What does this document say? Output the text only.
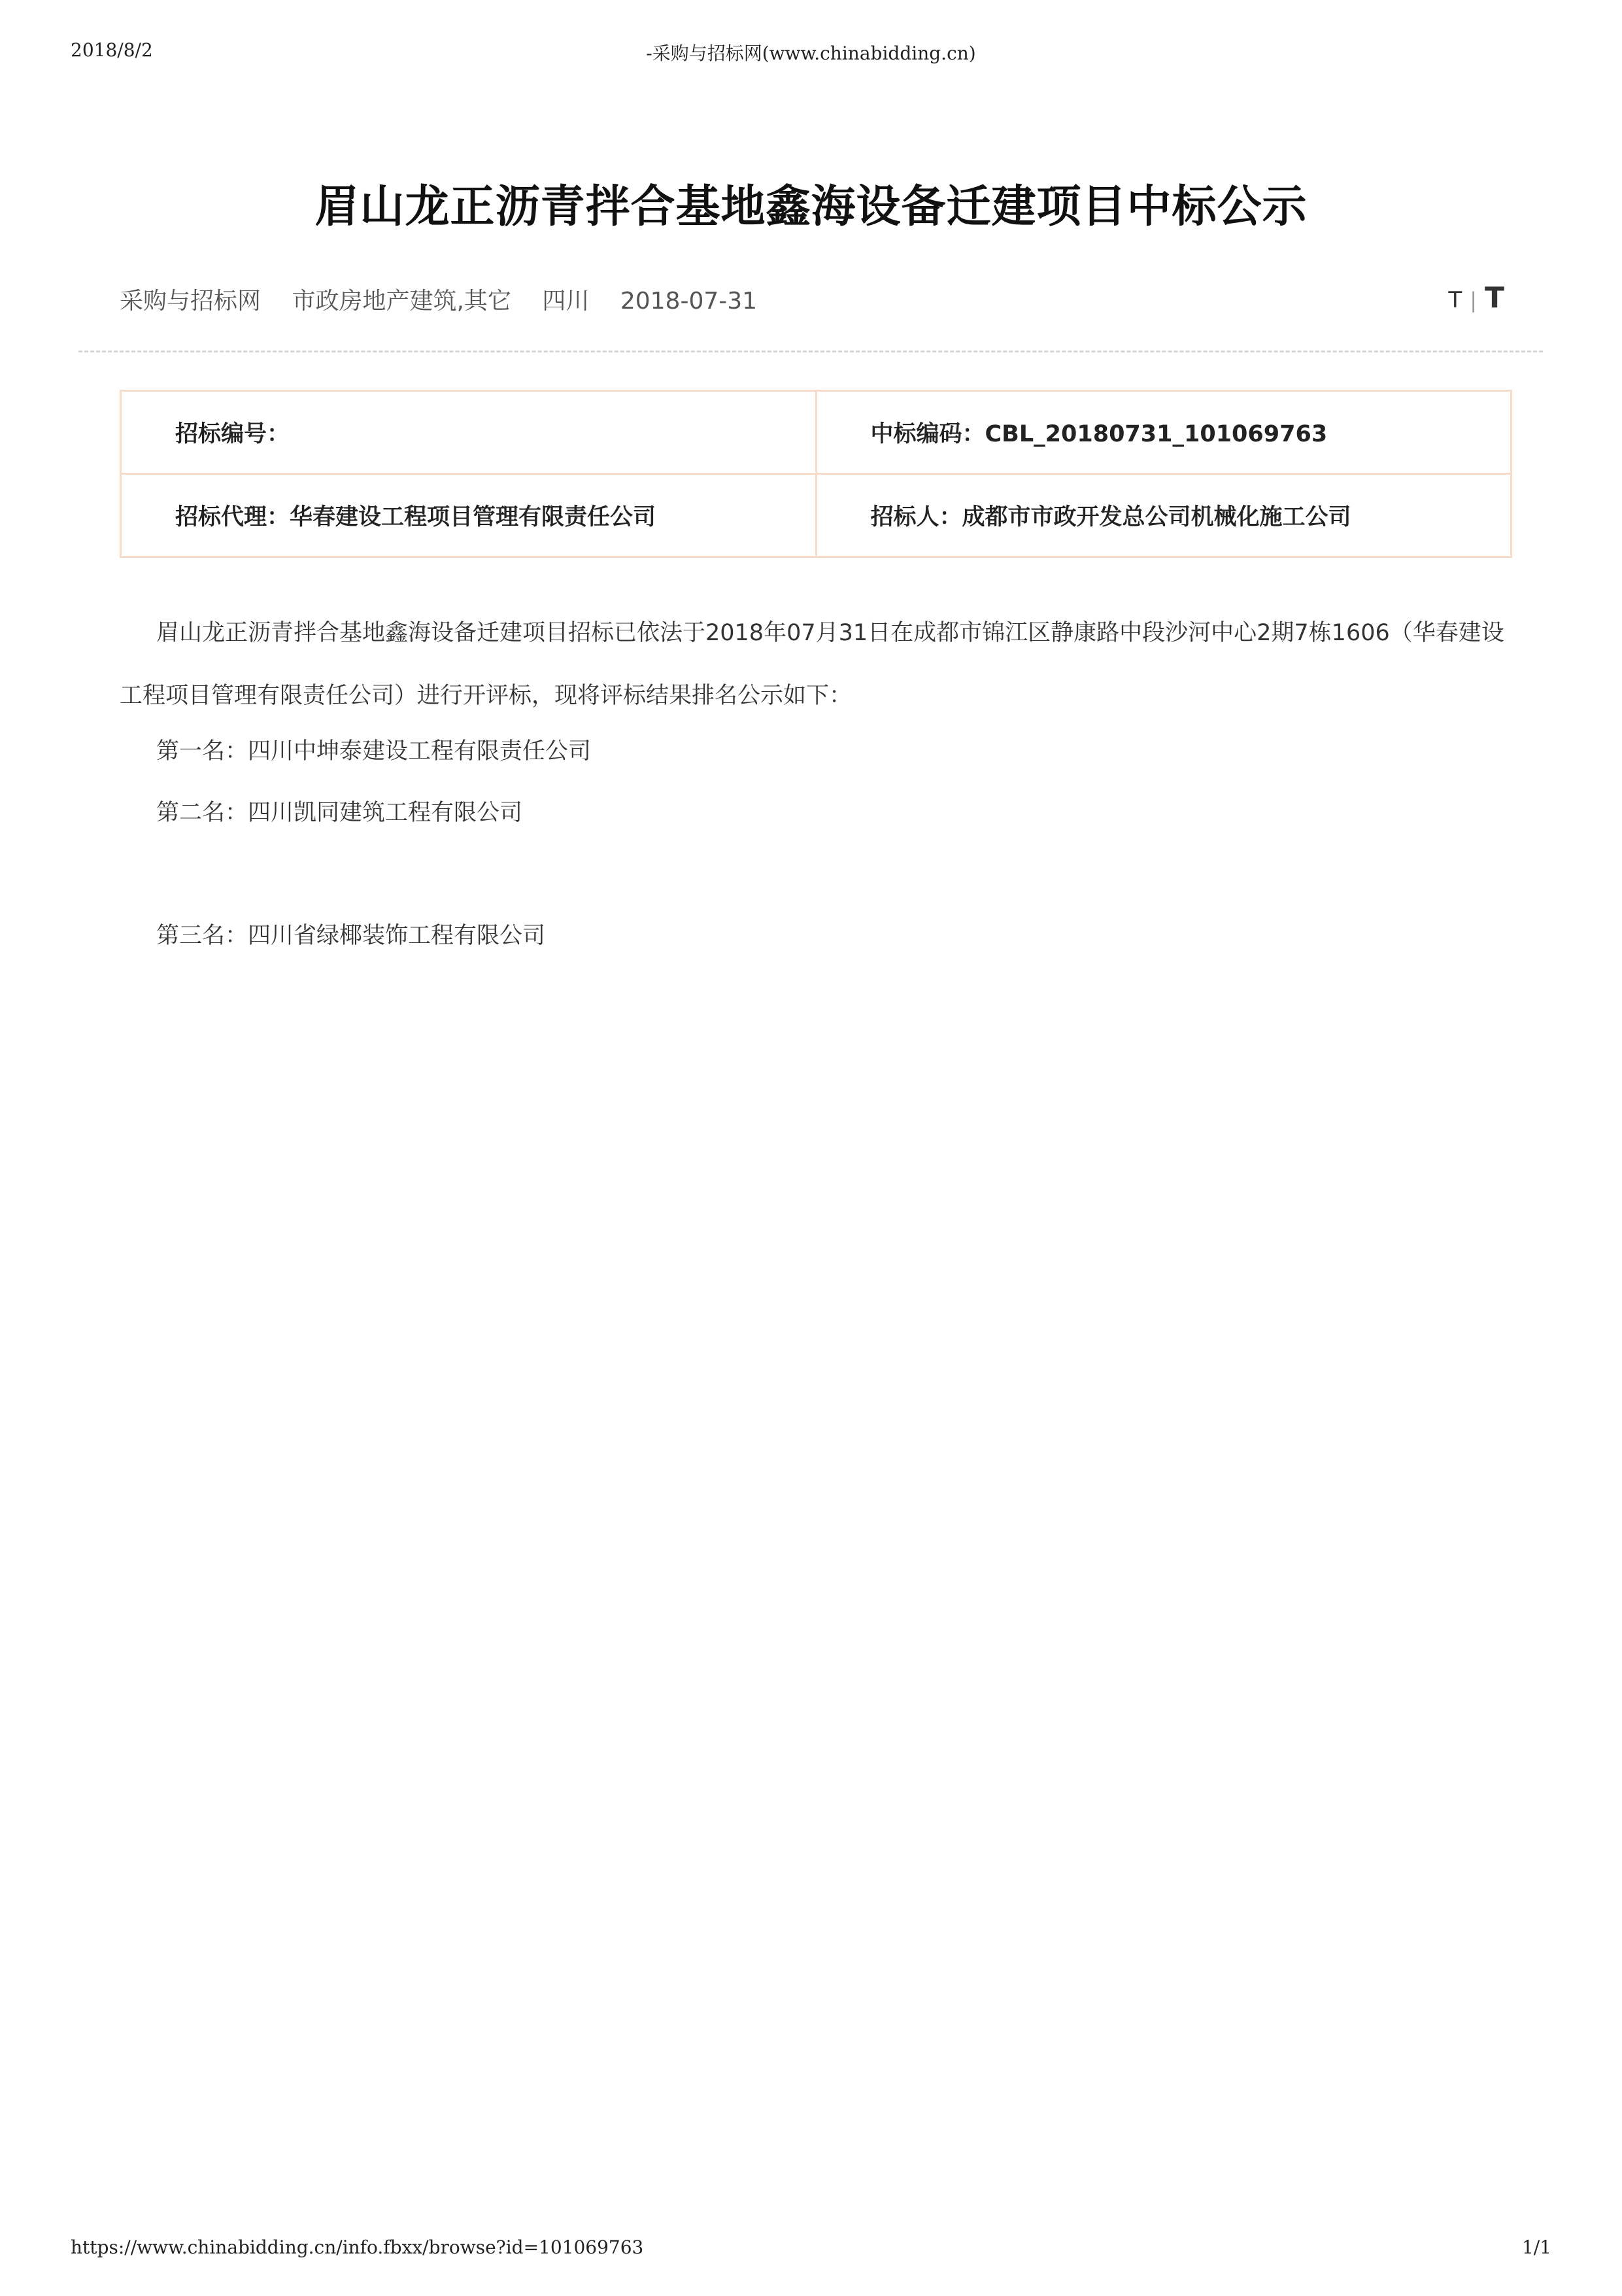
2018/8/2	-采购与招标网(www.chinabidding.cn)
眉山龙正沥青拌合基地鑫海设备迁建项目中标公示
采购与招标网 市政房地产建筑,其它 四川 2018-07-31	T | T
招标编号：	中标编码：CBL_20180731_101069763
招标代理：华春建设工程项目管理有限责任公司	招标人：成都市市政开发总公司机械化施工公司

眉山龙正沥青拌合基地鑫海设备迁建项目招标已依法于2018年07月31日在成都市锦江区静康路中段沙河中心2期7栋1606（华春建设工程项目管理有限责任公司）进行开评标，现将评标结果排名公示如下：

第一名：四川中坤泰建设工程有限责任公司
第二名：四川凯同建筑工程有限公司
第三名：四川省绿椰装饰工程有限公司
https://www.chinabidding.cn/info.fbxx/browse?id=101069763	1/1
